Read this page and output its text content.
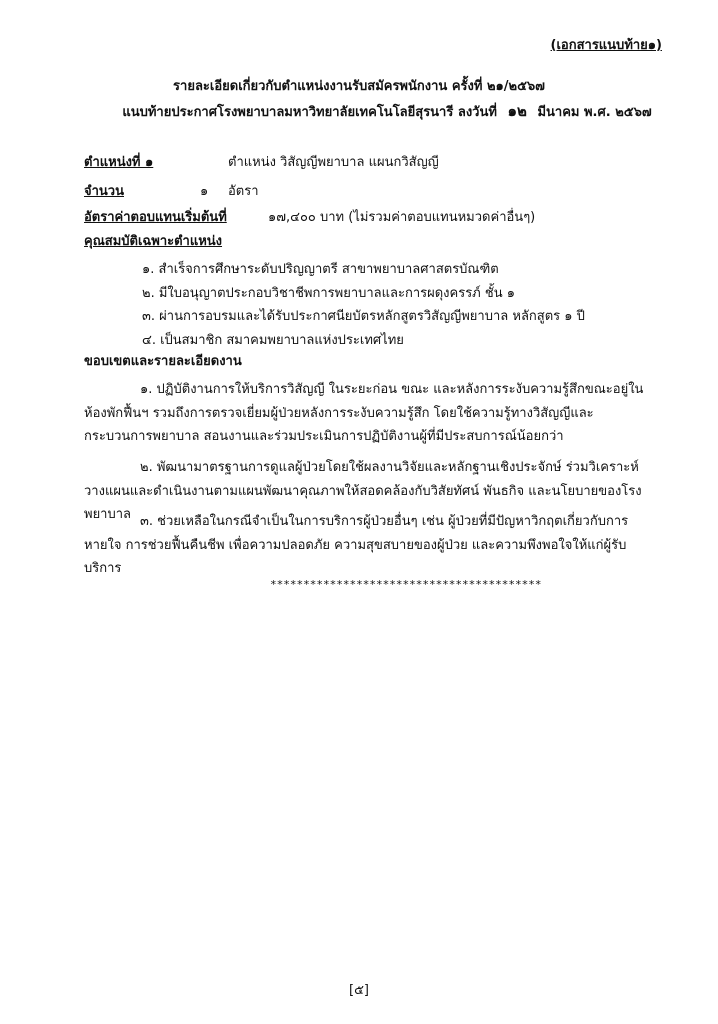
(เอกสารแนบท้าย๑)
รายละเอียดเกี่ยวกับตำแหน่งงานรับสมัครพนักงาน ครั้งที่ ๒๑/๒๕๖๗
แนบท้ายประกาศโรงพยาบาลมหาวิทยาลัยเทคโนโลยีสุรนารี ลงวันที่ ๑๒ มีนาคม พ.ศ. ๒๕๖๗
ตำแหน่งที่ ๑	ตำแหน่ง วิสัญญีพยาบาล แผนกวิสัญญี
จำนวน	๑ อัตรา
อัตราค่าตอบแทนเริ่มต้นที่	๑๗,๔๐๐ บาท (ไม่รวมค่าตอบแทนหมวดค่าอื่นๆ)
คุณสมบัติเฉพาะตำแหน่ง
๑. สำเร็จการศึกษาระดับปริญญาตรี สาขาพยาบาลศาสตรบัณฑิต
๒. มีใบอนุญาตประกอบวิชาชีพการพยาบาลและการผดุงครรภ์ ชั้น ๑
๓. ผ่านการอบรมและได้รับประกาศนียบัตรหลักสูตรวิสัญญีพยาบาล หลักสูตร ๑ ปี
๔. เป็นสมาชิก สมาคมพยาบาลแห่งประเทศไทย
ขอบเขตและรายละเอียดงาน
๑. ปฏิบัติงานการให้บริการวิสัญญี ในระยะก่อน ขณะ และหลังการระงับความรู้สึกขณะอยู่ในห้องพักฟื้นฯ รวมถึงการตรวจเยี่ยมผู้ป่วยหลังการระงับความรู้สึก โดยใช้ความรู้ทางวิสัญญีและกระบวนการพยาบาล สอนงานและร่วมประเมินการปฏิบัติงานผู้ที่มีประสบการณ์น้อยกว่า
๒. พัฒนามาตรฐานการดูแลผู้ป่วยโดยใช้ผลงานวิจัยและหลักฐานเชิงประจักษ์ ร่วมวิเคราะห์ วางแผนและดำเนินงานตามแผนพัฒนาคุณภาพให้สอดคล้องกับวิสัยทัศน์ พันธกิจ และนโยบายของโรงพยาบาล ๓. ช่วยเหลือในกรณีจำเป็นในการบริการผู้ป่วยอื่นๆ เช่น ผู้ป่วยที่มีปัญหาวิกฤตเกี่ยวกับการหายใจ การช่วยฟื้นคืนชีพ เพื่อความปลอดภัย ความสุขสบายของผู้ป่วย และความพึงพอใจให้แก่ผู้รับบริการ
*****************************************
[๕]
